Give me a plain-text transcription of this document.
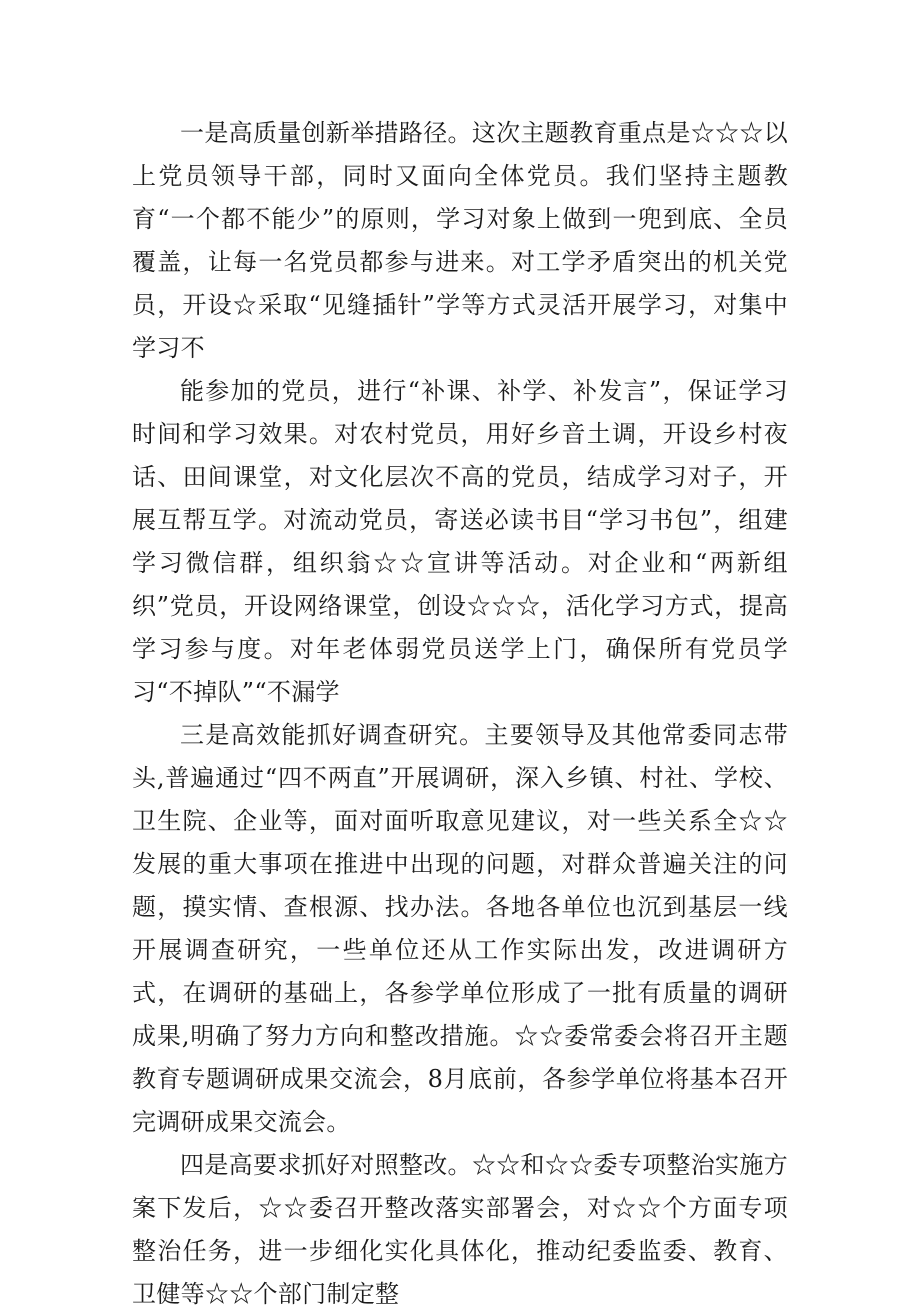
一是高质量创新举措路径。这次主题教育重点是☆☆☆以上党员领导干部，同时又面向全体党员。我们坚持主题教育“一个都不能少”的原则，学习对象上做到一兜到底、全员覆盖，让每一名党员都参与进来。对工学矛盾突出的机关党员，开设☆采取“见缝插针”学等方式灵活开展学习，对集中学习不

能参加的党员，进行“补课、补学、补发言”，保证学习时间和学习效果。对农村党员，用好乡音土调，开设乡村夜话、田间课堂，对文化层次不高的党员，结成学习对子，开展互帮互学。对流动党员，寄送必读书目“学习书包”，组建学习微信群，组织翁☆☆宣讲等活动。对企业和“两新组织”党员，开设网络课堂，创设☆☆☆，活化学习方式，提高学习参与度。对年老体弱党员送学上门，确保所有党员学习“不掉队”“不漏学

三是高效能抓好调查研究。主要领导及其他常委同志带头,普遍通过“四不两直”开展调研，深入乡镇、村社、学校、卫生院、企业等，面对面听取意见建议，对一些关系全☆☆发展的重大事项在推进中出现的问题，对群众普遍关注的问题，摸实情、查根源、找办法。各地各单位也沉到基层一线开展调查研究，一些单位还从工作实际出发，改进调研方式，在调研的基础上，各参学单位形成了一批有质量的调研成果,明确了努力方向和整改措施。☆☆委常委会将召开主题教育专题调研成果交流会，8月底前，各参学单位将基本召开完调研成果交流会。

四是高要求抓好对照整改。☆☆和☆☆委专项整治实施方案下发后，☆☆委召开整改落实部署会，对☆☆个方面专项整治任务，进一步细化实化具体化，推动纪委监委、教育、卫健等☆☆个部门制定整
